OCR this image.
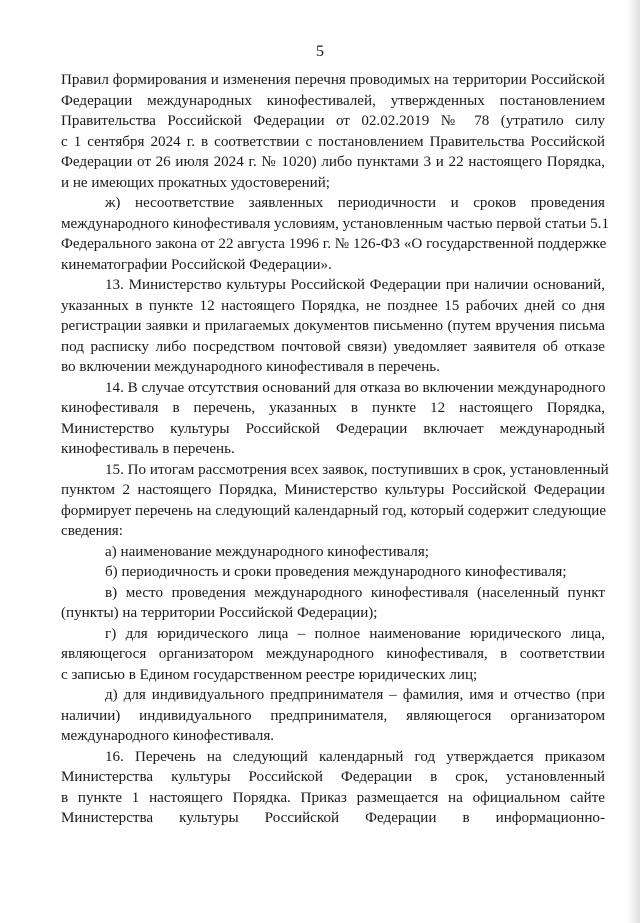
5
Правил формирования и изменения перечня проводимых на территории Российской
Федерации международных кинофестивалей, утвержденных постановлением
Правительства Российской Федерации от 02.02.2019 № 78 (утратило силу
с 1 сентября 2024 г. в соответствии с постановлением Правительства Российской
Федерации от 26 июля 2024 г. № 1020) либо пунктами 3 и 22 настоящего Порядка,
и не имеющих прокатных удостоверений;
ж) несоответствие заявленных периодичности и сроков проведения
международного кинофестиваля условиям, установленным частью первой статьи 5.1
Федерального закона от 22 августа 1996 г. № 126-ФЗ «О государственной поддержке
кинематографии Российской Федерации».
13. Министерство культуры Российской Федерации при наличии оснований,
указанных в пункте 12 настоящего Порядка, не позднее 15 рабочих дней со дня
регистрации заявки и прилагаемых документов письменно (путем вручения письма
под расписку либо посредством почтовой связи) уведомляет заявителя об отказе
во включении международного кинофестиваля в перечень.
14. В случае отсутствия оснований для отказа во включении международного
кинофестиваля в перечень, указанных в пункте 12 настоящего Порядка,
Министерство культуры Российской Федерации включает международный
кинофестиваль в перечень.
15. По итогам рассмотрения всех заявок, поступивших в срок, установленный
пунктом 2 настоящего Порядка, Министерство культуры Российской Федерации
формирует перечень на следующий календарный год, который содержит следующие
сведения:
а) наименование международного кинофестиваля;
б) периодичность и сроки проведения международного кинофестиваля;
в) место проведения международного кинофестиваля (населенный пункт
(пункты) на территории Российской Федерации);
г) для юридического лица – полное наименование юридического лица,
являющегося организатором международного кинофестиваля, в соответствии
с записью в Едином государственном реестре юридических лиц;
д) для индивидуального предпринимателя – фамилия, имя и отчество (при
наличии) индивидуального предпринимателя, являющегося организатором
международного кинофестиваля.
16. Перечень на следующий календарный год утверждается приказом
Министерства культуры Российской Федерации в срок, установленный
в пункте 1 настоящего Порядка. Приказ размещается на официальном сайте
Министерства культуры Российской Федерации в информационно-
